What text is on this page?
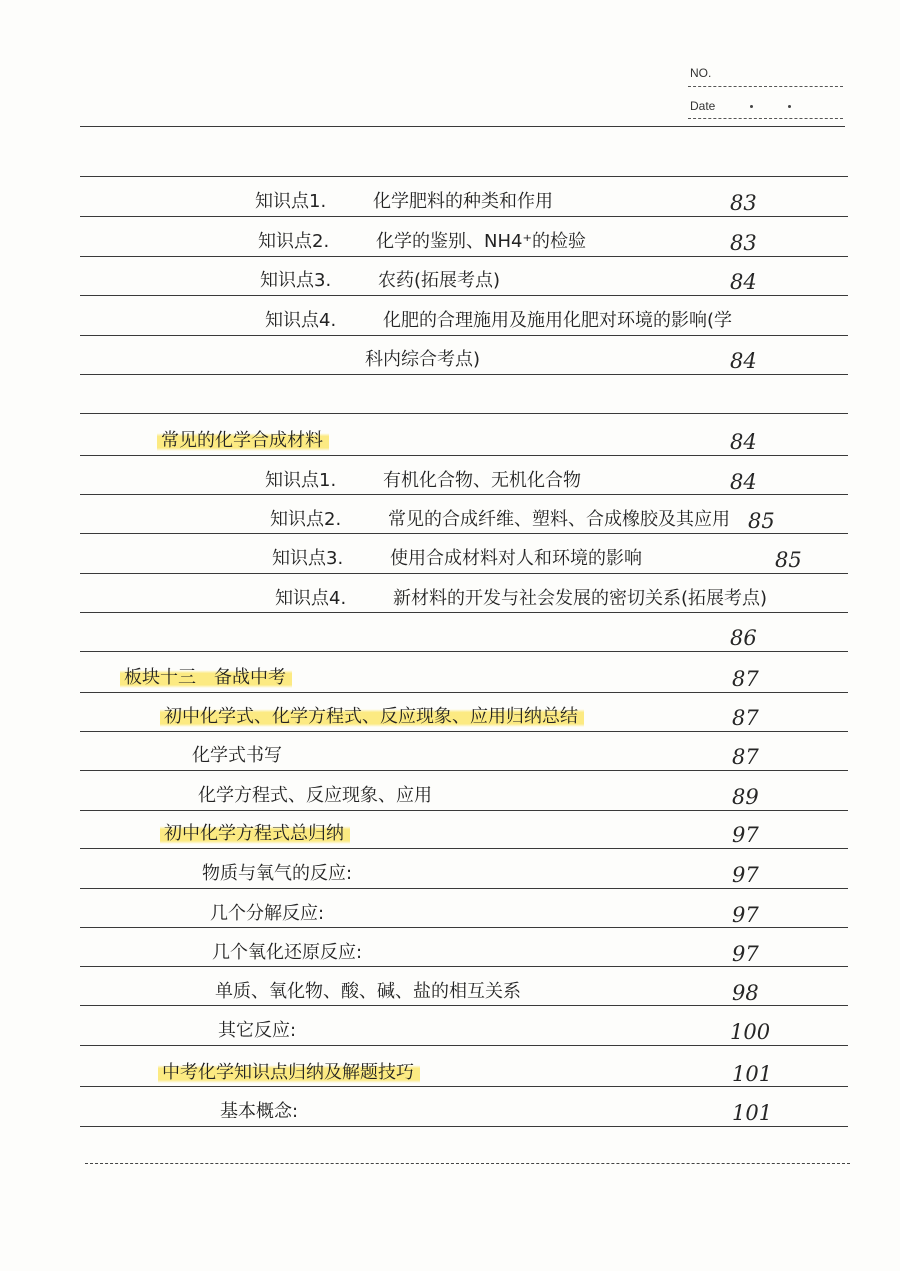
NO.
Date
知识点1.	化学肥料的种类和作用	83
知识点2.	化学的鉴别、NH4⁺的检验	83
知识点3.	农药(拓展考点)	84
知识点4.	化肥的合理施用及施用化肥对环境的影响(学
科内综合考点)	84
常见的化学合成材料	84
知识点1.	有机化合物、无机化合物	84
知识点2.	常见的合成纤维、塑料、合成橡胶及其应用 85
知识点3.	使用合成材料对人和环境的影响	85
知识点4.	新材料的开发与社会发展的密切关系(拓展考点)
86
板块十三　备战中考	87
初中化学式、化学方程式、反应现象、应用归纳总结	87
化学式书写	87
化学方程式、反应现象、应用	89
初中化学方程式总归纳	97
物质与氧气的反应:	97
几个分解反应:	97
几个氧化还原反应:	97
单质、氧化物、酸、碱、盐的相互关系	98
其它反应:	100
中考化学知识点归纳及解题技巧	101
基本概念:	101
